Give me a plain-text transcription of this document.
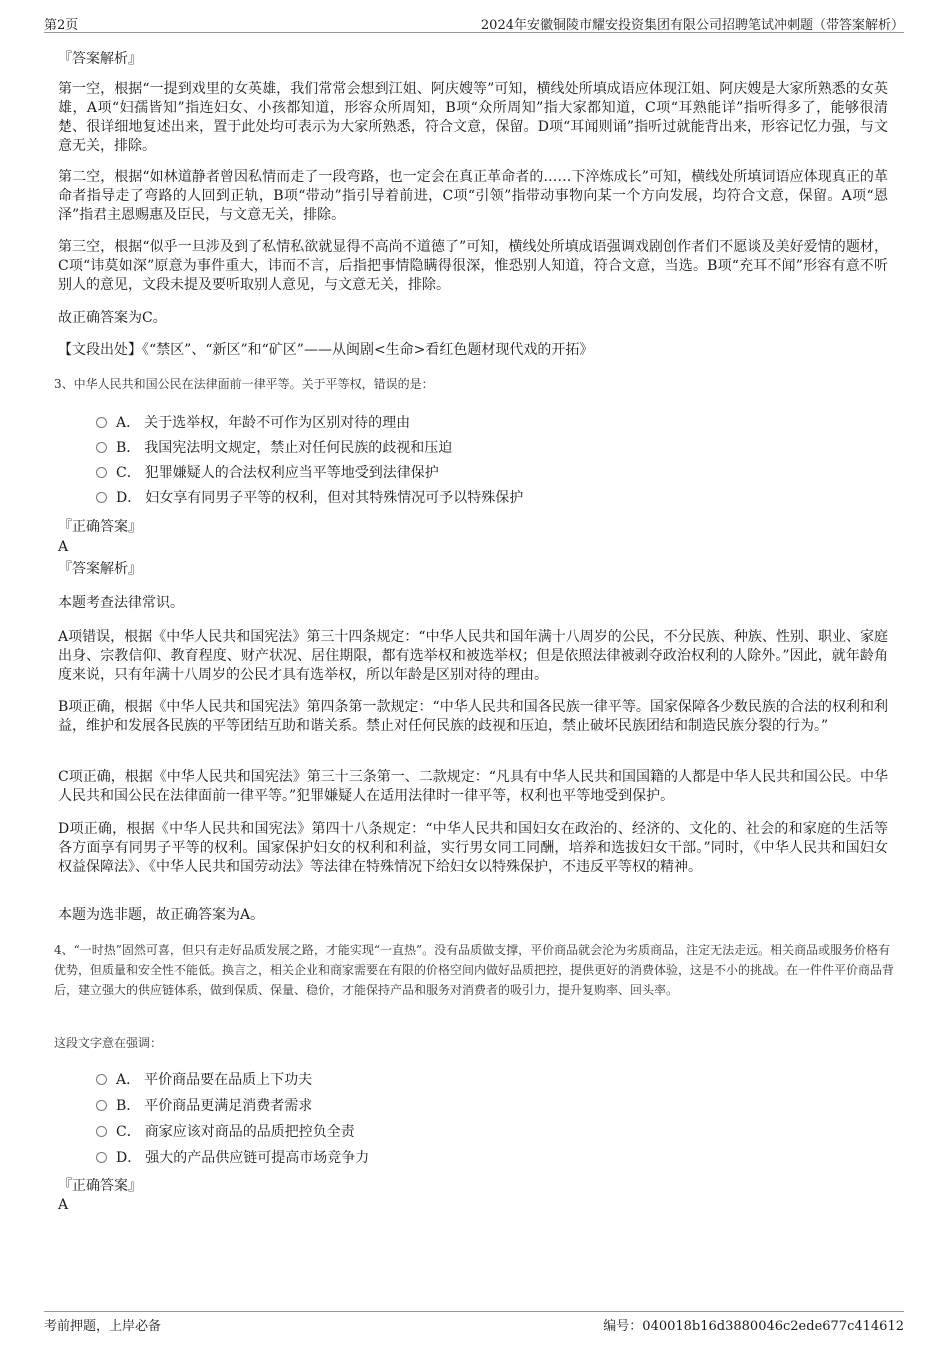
第2页	2024年安徽铜陵市耀安投资集团有限公司招聘笔试冲刺题（带答案解析）

『答案解析』

第一空，根据“一提到戏里的女英雄，我们常常会想到江姐、阿庆嫂等”可知，横线处所填成语应体现江姐、阿庆嫂是大家所熟悉的女英雄，A项“妇孺皆知”指连妇女、小孩都知道，形容众所周知，B项“众所周知”指大家都知道，C项“耳熟能详”指听得多了，能够很清楚、很详细地复述出来，置于此处均可表示为大家所熟悉，符合文意，保留。D项“耳闻则诵”指听过就能背出来，形容记忆力强，与文意无关，排除。

第二空，根据“如林道静者曾因私情而走了一段弯路，也一定会在真正革命者的……下淬炼成长”可知，横线处所填词语应体现真正的革命者指导走了弯路的人回到正轨，B项“带动”指引导着前进，C项“引领”指带动事物向某一个方向发展，均符合文意，保留。A项“恩泽”指君主恩赐惠及臣民，与文意无关，排除。

第三空，根据“似乎一旦涉及到了私情私欲就显得不高尚不道德了”可知，横线处所填成语强调戏剧创作者们不愿谈及美好爱情的题材，C项“讳莫如深”原意为事件重大，讳而不言，后指把事情隐瞒得很深，惟恐别人知道，符合文意，当选。B项“充耳不闻”形容有意不听别人的意见，文段未提及要听取别人意见，与文意无关，排除。

故正确答案为C。

【文段出处】《“禁区”、“新区”和“矿区”——从闽剧<生命>看红色题材现代戏的开拓》

3、中华人民共和国公民在法律面前一律平等。关于平等权，错误的是：

A． 关于选举权，年龄不可作为区别对待的理由
B． 我国宪法明文规定，禁止对任何民族的歧视和压迫
C． 犯罪嫌疑人的合法权利应当平等地受到法律保护
D． 妇女享有同男子平等的权利，但对其特殊情况可予以特殊保护

『正确答案』

A

『答案解析』

本题考查法律常识。

A项错误，根据《中华人民共和国宪法》第三十四条规定：“中华人民共和国年满十八周岁的公民，不分民族、种族、性别、职业、家庭出身、宗教信仰、教育程度、财产状况、居住期限，都有选举权和被选举权；但是依照法律被剥夺政治权利的人除外。”因此，就年龄角度来说，只有年满十八周岁的公民才具有选举权，所以年龄是区别对待的理由。

B项正确，根据《中华人民共和国宪法》第四条第一款规定：“中华人民共和国各民族一律平等。国家保障各少数民族的合法的权利和利益，维护和发展各民族的平等团结互助和谐关系。禁止对任何民族的歧视和压迫，禁止破坏民族团结和制造民族分裂的行为。”

C项正确，根据《中华人民共和国宪法》第三十三条第一、二款规定：“凡具有中华人民共和国国籍的人都是中华人民共和国公民。中华人民共和国公民在法律面前一律平等。”犯罪嫌疑人在适用法律时一律平等，权利也平等地受到保护。

D项正确，根据《中华人民共和国宪法》第四十八条规定：“中华人民共和国妇女在政治的、经济的、文化的、社会的和家庭的生活等各方面享有同男子平等的权利。国家保护妇女的权利和利益，实行男女同工同酬，培养和选拔妇女干部。”同时，《中华人民共和国妇女权益保障法》、《中华人民共和国劳动法》等法律在特殊情况下给妇女以特殊保护，不违反平等权的精神。

本题为选非题，故正确答案为A。

4、“一时热”固然可喜，但只有走好品质发展之路，才能实现“一直热”。没有品质做支撑，平价商品就会沦为劣质商品，注定无法走远。相关商品或服务价格有优势，但质量和安全性不能低。换言之，相关企业和商家需要在有限的价格空间内做好品质把控，提供更好的消费体验，这是不小的挑战。在一件件平价商品背后，建立强大的供应链体系，做到保质、保量、稳价，才能保持产品和服务对消费者的吸引力，提升复购率、回头率。

这段文字意在强调：

A． 平价商品要在品质上下功夫
B． 平价商品更满足消费者需求
C． 商家应该对商品的品质把控负全责
D． 强大的产品供应链可提高市场竞争力

『正确答案』

A

考前押题，上岸必备	编号：040018b16d3880046c2ede677c414612
